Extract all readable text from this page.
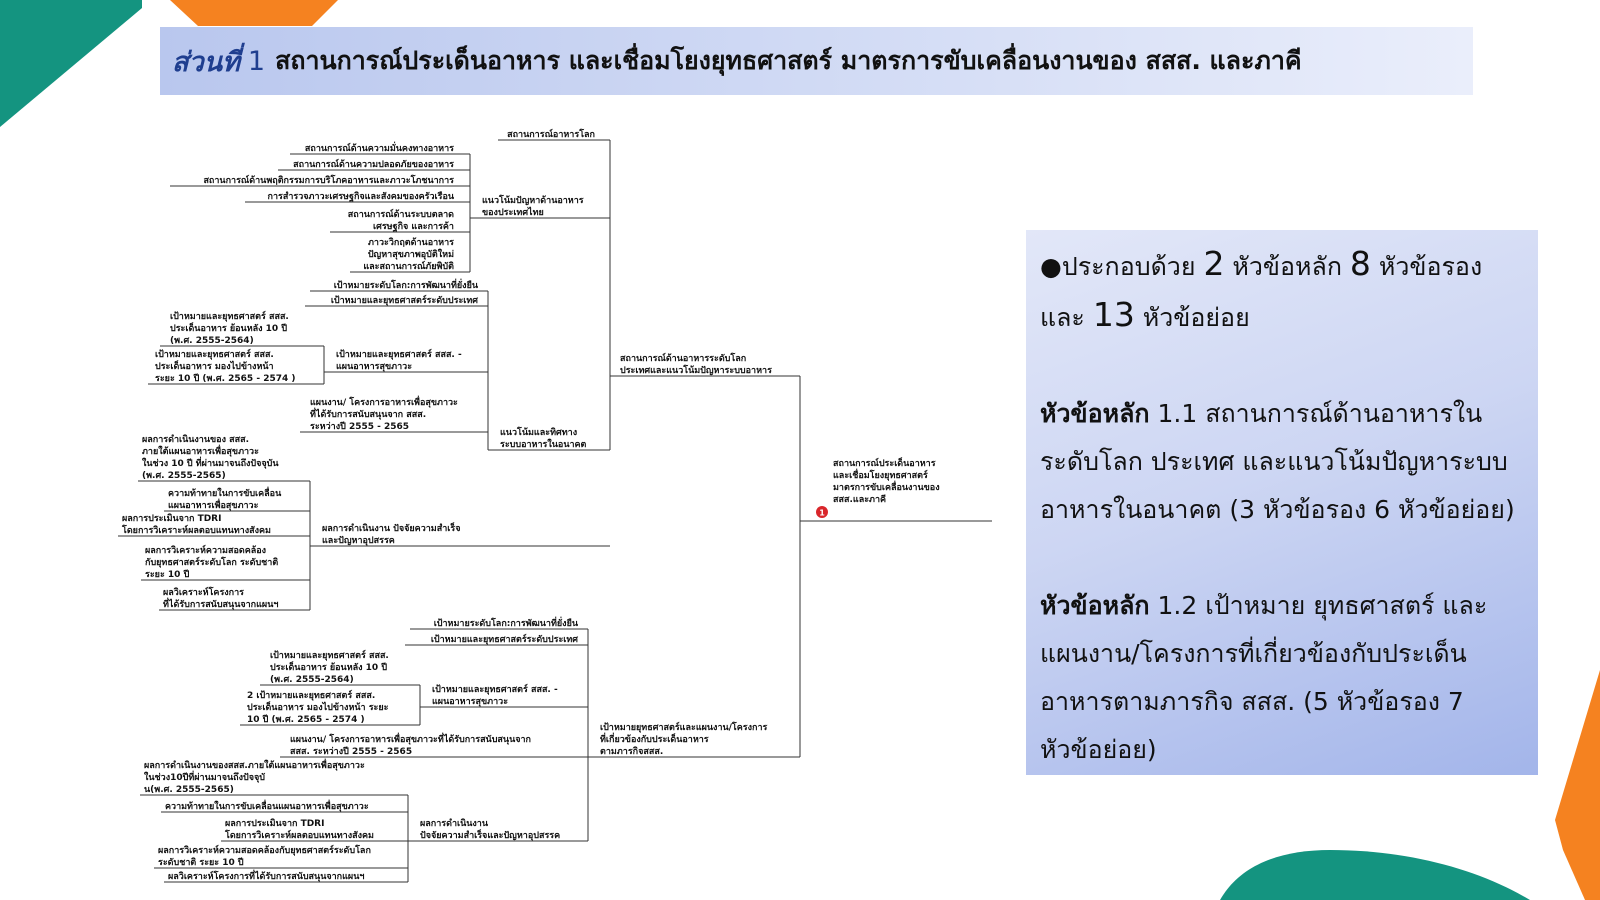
ส่วนที่ 1 สถานการณ์ประเด็นอาหาร และเชื่อมโยงยุทธศาสตร์ มาตรการขับเคลื่อนงานของ สสส. และภาคี
สถานการณ์ประเด็นอาหารและเชื่อมโยงยุทธศาสตร์มาตรการขับเคลื่อนงานของสสส.และภาคี
1
สถานการณ์ด้านอาหารระดับโลกประเทศและแนวโน้มปัญหาระบบอาหาร
สถานการณ์อาหารโลก
แนวโน้มปัญหาด้านอาหารของประเทศไทย
สถานการณ์ด้านความมั่นคงทางอาหาร
สถานการณ์ด้านความปลอดภัยของอาหาร
สถานการณ์ด้านพฤติกรรมการบริโภคอาหารและภาวะโภชนาการ
การสำรวจภาวะเศรษฐกิจและสังคมของครัวเรือน
สถานการณ์ด้านระบบตลาดเศรษฐกิจ และการค้า
ภาวะวิกฤตด้านอาหารปัญหาสุขภาพอุบัติใหม่และสถานการณ์ภัยพิบัติ
แนวโน้มและทิศทางระบบอาหารในอนาคต
เป้าหมายระดับโลก:การพัฒนาที่ยั่งยืน
เป้าหมายและยุทธศาสตร์ระดับประเทศ
เป้าหมายและยุทธศาสตร์ สสส. -แผนอาหารสุขภาวะ
เป้าหมายและยุทธศาสตร์ สสส.ประเด็นอาหาร ย้อนหลัง 10 ปี(พ.ศ. 2555-2564)
เป้าหมายและยุทธศาสตร์ สสส.ประเด็นอาหาร มองไปข้างหน้าระยะ 10 ปี (พ.ศ. 2565 - 2574 )
แผนงาน/ โครงการอาหารเพื่อสุขภาวะที่ได้รับการสนับสนุนจาก สสส.ระหว่างปี 2555 - 2565
ผลการดำเนินงาน ปัจจัยความสำเร็จและปัญหาอุปสรรค
ผลการดำเนินงานของ สสส.ภายใต้แผนอาหารเพื่อสุขภาวะในช่วง 10 ปี ที่ผ่านมาจนถึงปัจจุบัน(พ.ศ. 2555-2565)
ความท้าทายในการขับเคลื่อนแผนอาหารเพื่อสุขภาวะ
ผลการประเมินจาก TDRI โดยการวิเคราะห์ผลตอบแทนทางสังคม
ผลการวิเคราะห์ความสอดคล้องกับยุทธศาสตร์ระดับโลก ระดับชาติระยะ 10 ปี
ผลวิเคราะห์โครงการที่ได้รับการสนับสนุนจากแผนฯ
เป้าหมายยุทธศาสตร์และแผนงาน/โครงการที่เกี่ยวข้องกับประเด็นอาหารตามภารกิจสสส.
เป้าหมายระดับโลก:การพัฒนาที่ยั่งยืน
เป้าหมายและยุทธศาสตร์ระดับประเทศ
เป้าหมายและยุทธศาสตร์ สสส. -แผนอาหารสุขภาวะ
เป้าหมายและยุทธศาสตร์ สสส.ประเด็นอาหาร ย้อนหลัง 10 ปี(พ.ศ. 2555-2564)
2 เป้าหมายและยุทธศาสตร์ สสส.ประเด็นอาหาร มองไปข้างหน้า ระยะ 10 ปี (พ.ศ. 2565 - 2574 )
แผนงาน/ โครงการอาหารเพื่อสุขภาวะที่ได้รับการสนับสนุนจากสสส. ระหว่างปี 2555 - 2565
ผลการดำเนินงานปัจจัยความสำเร็จและปัญหาอุปสรรค
ผลการดำเนินงานของสสส.ภายใต้แผนอาหารเพื่อสุขภาวะในช่วง10ปีที่ผ่านมาจนถึงปัจจุบัน(พ.ศ. 2555-2565)
ความท้าทายในการขับเคลื่อนแผนอาหารเพื่อสุขภาวะ
ผลการประเมินจาก TDRI โดยการวิเคราะห์ผลตอบแทนทางสังคม
ผลการวิเคราะห์ความสอดคล้องกับยุทธศาสตร์ระดับโลกระดับชาติ ระยะ 10 ปี
ผลวิเคราะห์โครงการที่ได้รับการสนับสนุนจากแผนฯ

●ประกอบด้วย 2 หัวข้อหลัก 8 หัวข้อรอง

และ 13 หัวข้อย่อย

หัวข้อหลัก 1.1 สถานการณ์ด้านอาหารใน

ระดับโลก ประเทศ และแนวโน้มปัญหาระบบ

อาหารในอนาคต (3 หัวข้อรอง 6 หัวข้อย่อย)

หัวข้อหลัก 1.2 เป้าหมาย ยุทธศาสตร์ และ

แผนงาน/โครงการที่เกี่ยวข้องกับประเด็น

อาหารตามภารกิจ สสส. (5 หัวข้อรอง 7

หัวข้อย่อย)
